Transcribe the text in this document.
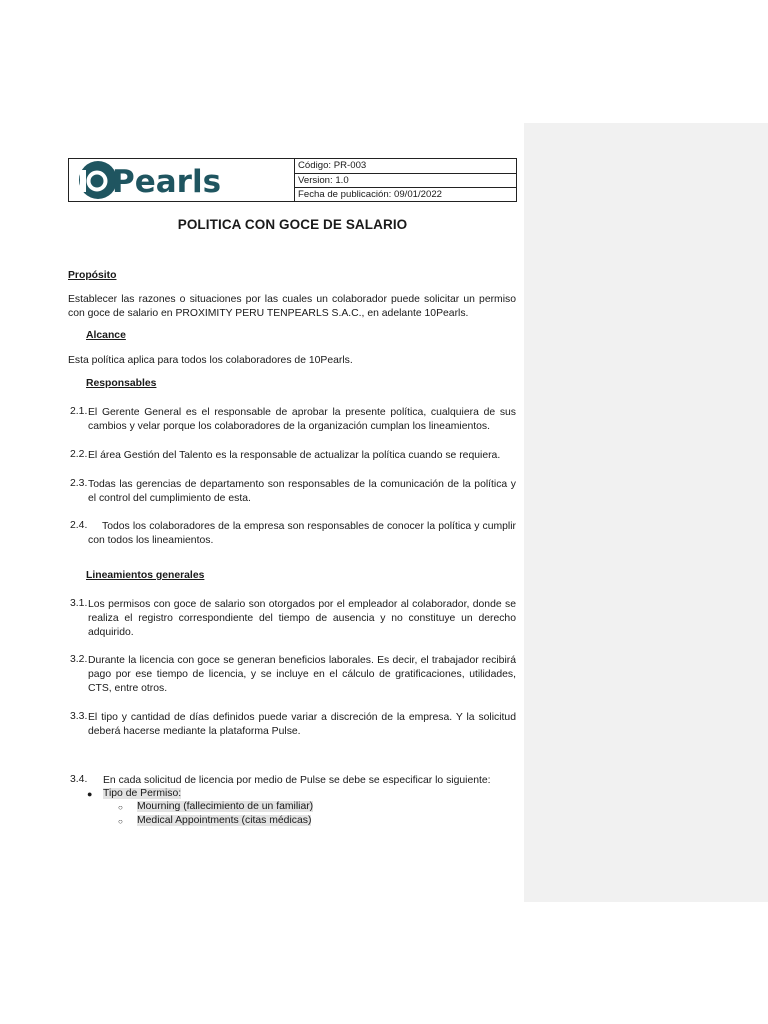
Pearls	Código: PR-003
Version: 1.0
Fecha de publicación: 09/01/2022
POLITICA CON GOCE DE SALARIO
Propósito
Establecer las razones o situaciones por las cuales un colaborador puede solicitar un permiso con goce de salario en PROXIMITY PERU TENPEARLS S.A.C., en adelante 10Pearls.
Alcance
Esta política aplica para todos los colaboradores de 10Pearls.
Responsables
2.1. El Gerente General es el responsable de aprobar la presente política, cualquiera de sus cambios y velar porque los colaboradores de la organización cumplan los lineamientos.
2.2. El área Gestión del Talento es la responsable de actualizar la política cuando se requiera.
2.3. Todas las gerencias de departamento son responsables de la comunicación de la política y el control del cumplimiento de esta.
2.4.	Todos los colaboradores de la empresa son responsables de conocer la política y cumplir con todos los lineamientos.
Lineamientos generales
3.1. Los permisos con goce de salario son otorgados por el empleador al colaborador, donde se realiza el registro correspondiente del tiempo de ausencia y no constituye un derecho adquirido.
3.2. Durante la licencia con goce se generan beneficios laborales. Es decir, el trabajador recibirá pago por ese tiempo de licencia, y se incluye en el cálculo de gratificaciones, utilidades, CTS, entre otros.
3.3. El tipo y cantidad de días definidos puede variar a discreción de la empresa. Y la solicitud deberá hacerse mediante la plataforma Pulse.
3.4. En cada solicitud de licencia por medio de Pulse se debe se especificar lo siguiente:
● Tipo de Permiso:
○ Mourning (fallecimiento de un familiar)
○ Medical Appointments (citas médicas)
